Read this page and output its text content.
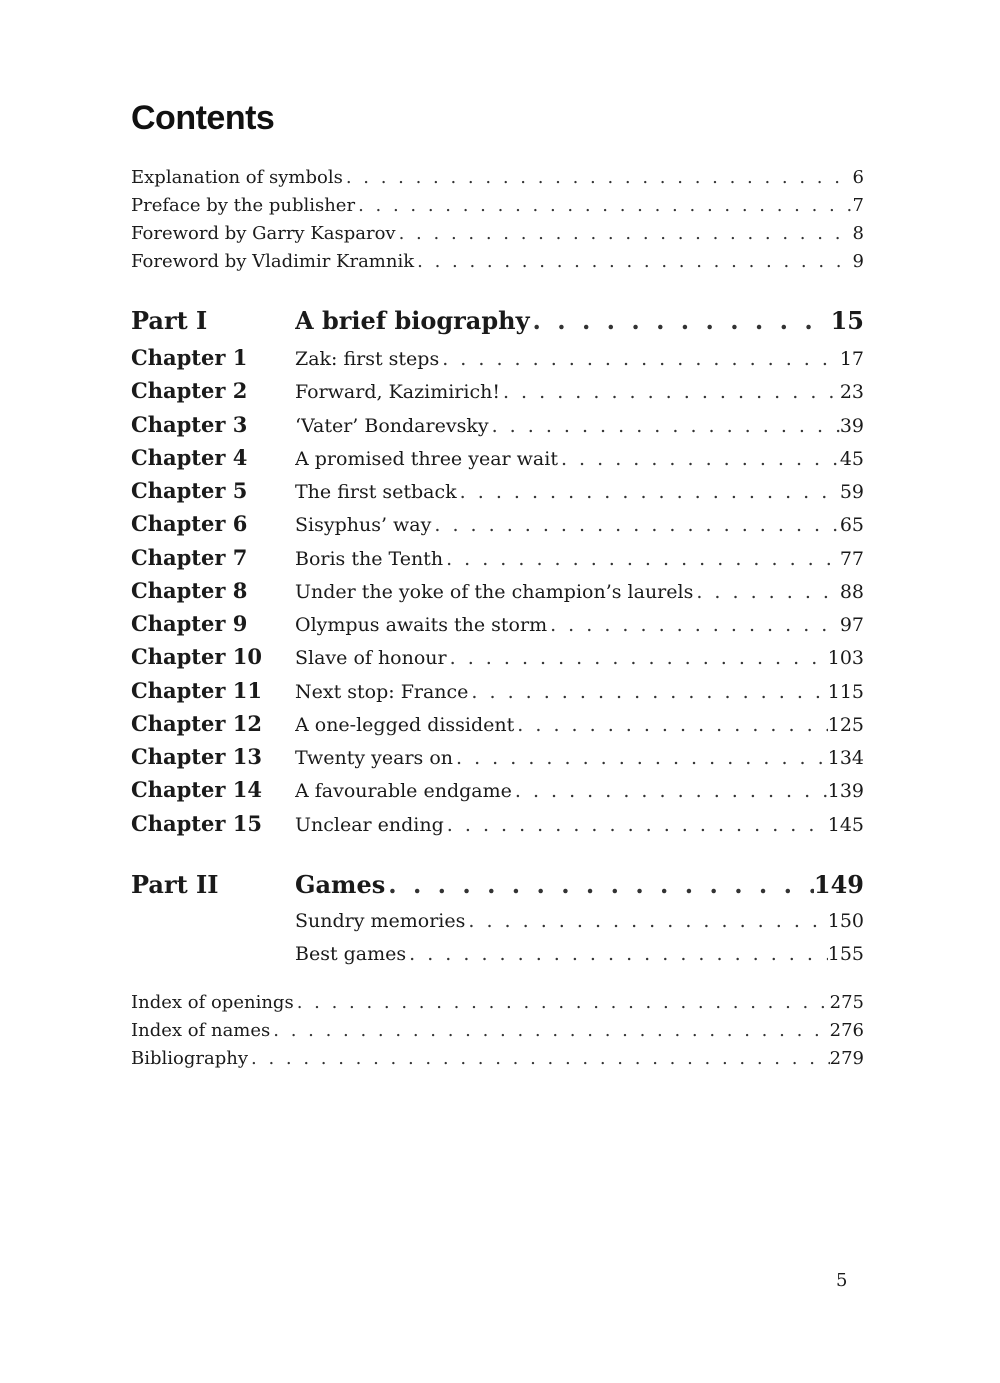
Contents
Explanation of symbols . . .	6
Preface by the publisher . . .	7
Foreword by Garry Kasparov . . .	8
Foreword by Vladimir Kramnik . . .	9
Part I	A brief biography . . .	15
Chapter 1	Zak: first steps . . .	17
Chapter 2	Forward, Kazimirich! . . .	23
Chapter 3	‘Vater’ Bondarevsky . . .	39
Chapter 4	A promised three year wait . . .	45
Chapter 5	The first setback . . .	59
Chapter 6	Sisyphus’ way . . .	65
Chapter 7	Boris the Tenth . . .	77
Chapter 8	Under the yoke of the champion’s laurels . . .	88
Chapter 9	Olympus awaits the storm . . .	97
Chapter 10	Slave of honour . . .	103
Chapter 11	Next stop: France . . .	115
Chapter 12	A one-legged dissident . . .	125
Chapter 13	Twenty years on . . .	134
Chapter 14	A favourable endgame . . .	139
Chapter 15	Unclear ending . . .	145
Part II	Games . . .	149
Sundry memories . . .	150
Best games . . .	155
Index of openings . . .	275
Index of names . . .	276
Bibliography . . .	279
5
